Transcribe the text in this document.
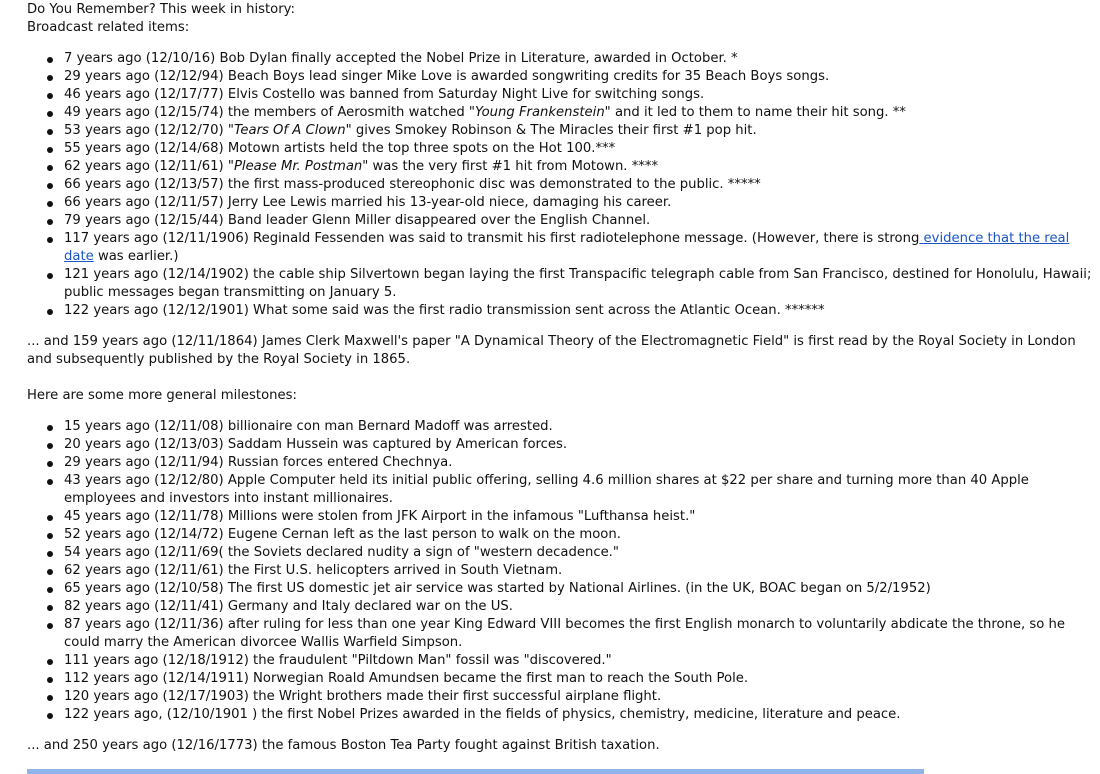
Do You Remember? This week in history:

Broadcast related items:

7 years ago (12/10/16) Bob Dylan finally accepted the Nobel Prize in Literature, awarded in October. *
29 years ago (12/12/94) Beach Boys lead singer Mike Love is awarded songwriting credits for 35 Beach Boys songs.
46 years ago (12/17/77) Elvis Costello was banned from Saturday Night Live for switching songs.
49 years ago (12/15/74) the members of Aerosmith watched "Young Frankenstein" and it led to them to name their hit song. **
53 years ago (12/12/70) "Tears Of A Clown" gives Smokey Robinson & The Miracles their first #1 pop hit.
55 years ago (12/14/68) Motown artists held the top three spots on the Hot 100.***
62 years ago (12/11/61) "Please Mr. Postman" was the very first #1 hit from Motown. ****
66 years ago (12/13/57) the first mass-produced stereophonic disc was demonstrated to the public. *****
66 years ago (12/11/57) Jerry Lee Lewis married his 13-year-old niece, damaging his career.
79 years ago (12/15/44) Band leader Glenn Miller disappeared over the English Channel.
117 years ago (12/11/1906) Reginald Fessenden was said to transmit his first radiotelephone message. (However, there is strong evidence that the real date was earlier.)
121 years ago (12/14/1902) the cable ship Silvertown began laying the first Transpacific telegraph cable from San Francisco, destined for Honolulu, Hawaii; public messages began transmitting on January 5.
122 years ago (12/12/1901) What some said was the first radio transmission sent across the Atlantic Ocean. ******

... and 159 years ago (12/11/1864) James Clerk Maxwell's paper "A Dynamical Theory of the Electromagnetic Field" is first read by the Royal Society in London and subsequently published by the Royal Society in 1865.

Here are some more general milestones:

15 years ago (12/11/08) billionaire con man Bernard Madoff was arrested.
20 years ago (12/13/03) Saddam Hussein was captured by American forces.
29 years ago (12/11/94) Russian forces entered Chechnya.
43 years ago (12/12/80) Apple Computer held its initial public offering, selling 4.6 million shares at $22 per share and turning more than 40 Apple employees and investors into instant millionaires.
45 years ago (12/11/78) Millions were stolen from JFK Airport in the infamous "Lufthansa heist."
52 years ago (12/14/72) Eugene Cernan left as the last person to walk on the moon.
54 years ago (12/11/69( the Soviets declared nudity a sign of "western decadence."
62 years ago (12/11/61) the First U.S. helicopters arrived in South Vietnam.
65 years ago (12/10/58) The first US domestic jet air service was started by National Airlines. (in the UK, BOAC began on 5/2/1952)
82 years ago (12/11/41) Germany and Italy declared war on the US.
87 years ago (12/11/36) after ruling for less than one year King Edward VIII becomes the first English monarch to voluntarily abdicate the throne, so he could marry the American divorcee Wallis Warfield Simpson.
111 years ago (12/18/1912) the fraudulent "Piltdown Man" fossil was "discovered."
112 years ago (12/14/1911) Norwegian Roald Amundsen became the first man to reach the South Pole.
120 years ago (12/17/1903) the Wright brothers made their first successful airplane flight.
122 years ago, (12/10/1901 ) the first Nobel Prizes awarded in the fields of physics, chemistry, medicine, literature and peace.

... and 250 years ago (12/16/1773) the famous Boston Tea Party fought against British taxation.
